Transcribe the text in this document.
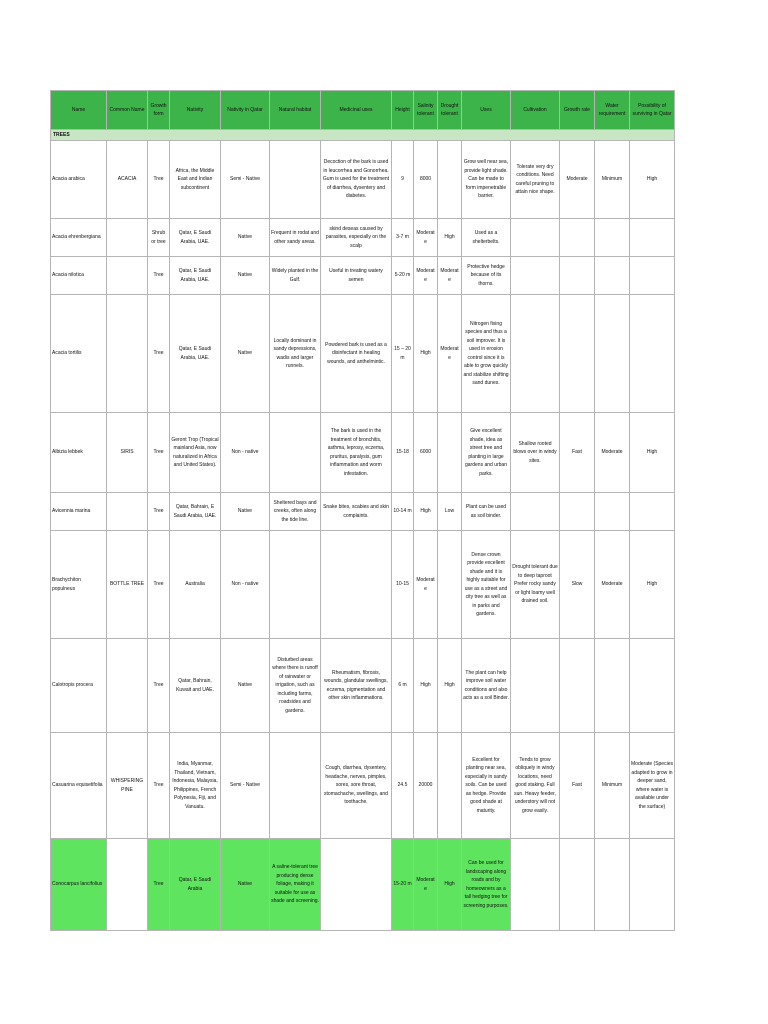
Name	Common Name	Growth form	Nativity	Nativity in Qatar	Natural habitat	Medicinal uses	Height	Salinity tolerant	Drought tolerant	Uses	Cultivation	Growth rate	Water requirement	Possibility of surviving in Qatar
TREES														
Acacia arabica	ACACIA	Tree	Africa, the Middle East and Indian subcontinent	Semi - Native		Decoction of the bark is used in leucorrhea and Gonorrhea. Gum is used for the treatment of diarrhea, dysentery and diabetes.	9	8000		Grow well near sea, provide light shade. Can be made to form impenetrable barrier.	Tolerate very dry conditions. Need careful pruning to attain nice shape.	Moderate	Minimum	High
Acacia ehrenbergiana		Shrub or tree	Qatar, E Saudi Arabia, UAE.	Native	Frequent in rodat and other sandy areas.	skind deseas caused by parasites, especially on the scalp	3-7 m	Moderate	High	Used as a shelterbelts.				
Acacia nilotica		Tree	Qatar, E Saudi Arabia, UAE.	Native	Widely planted in the Gulf.	Useful in treating watery semen	5-20 m	Moderate	Moderate	Protective hedge because of its thorns.				
Acacia tortilis		Tree	Qatar, E Saudi Arabia, UAE.	Native	Locally dominant in sandy depressions, wadis and larger runnels.	Powdered bark is used as a disinfectant in healing wounds, and anthelmintic.	15 – 20 m	High	Moderate	Nitrogen fixing species and thus a soil improver. It is used in erosion control since it is able to grow quickly and stabilize shifting sand dunes.				
Albizia lebbek	SIRIS	Tree	Geront Trop (Tropical mainland Asia, now naturalized in Africa and United States).	Non - native		The bark is used in the treatment of bronchitis, asthma, leprosy, eczema, pruritus, paralysis, gum inflammation and worm infestation.	15-18	6000		Give excellent shade, idea as street tree and planting in large gardens and urban parks.	Shallow rooted blows over in windy sites.	Fast	Moderate	High
Avicennia marina		Tree	Qatar, Bahrain, E Saudi Arabia, UAE.	Native	Sheltered bays and creeks, often along the tide line.	Snake bites, scabies and skin complaints.	10-14 m	High	Low	Plant can be used as soil binder.				
Brachychiton populneus	BOTTLE TREE	Tree	Australia	Non - native			10-15	Moderate		Dense crown provide excellent shade and it is highly suitable for use as a street and city tree as well as in parks and gardens.	Drought tolerant due to deep taproot Prefer rocky sandy or light loamy well drained soil.	Slow	Moderate	High
Calotropis procera		Tree	Qatar, Bahrain, Kuwait and UAE.	Native	Disturbed areas where there is runoff of rainwater or irrigation, such as including farms, roadsides and gardens.	Rheumatism, fibrosis, wounds, glandular swellings, eczema, pigmentation and other skin inflammations.	6 m	High	High	The plant can help improve soil water conditions and also acts as a soil Binder.				
Casuarina equisetifolia	WHISPERING PINE	Tree	India, Myanmar, Thailand, Vietnam, Indonesia, Malaysia, Philippines, French Polynesia, Fiji, and Vanuatu.	Semi - Native		Cough, diarrhea, dysentery, headache, nerves, pimples, sores, sore throat, stomachache, swellings, and toothache.	24.5	20000		Excellent for planting near sea, especially in sandy soils. Can be used as hedge. Provide good shade at maturity.	Tends to grow obliquely in windy locations, need good staking. Full sun. Heavy feeder, understory will not grow easily.	Fast	Minimum	Moderate (Species adapted to grow in deeper sand, where water is available under the surface)
Conocarpus lancifolius		Tree	Qatar, E Saudi Arabia	Native	A saline-tolerant tree producing dense foliage, making it suitable for use as shade and screening.		15-20 m	Moderate	High	Can be used for landscaping along roads and by homeowners as a tall hedging tree for screening purposes.				
